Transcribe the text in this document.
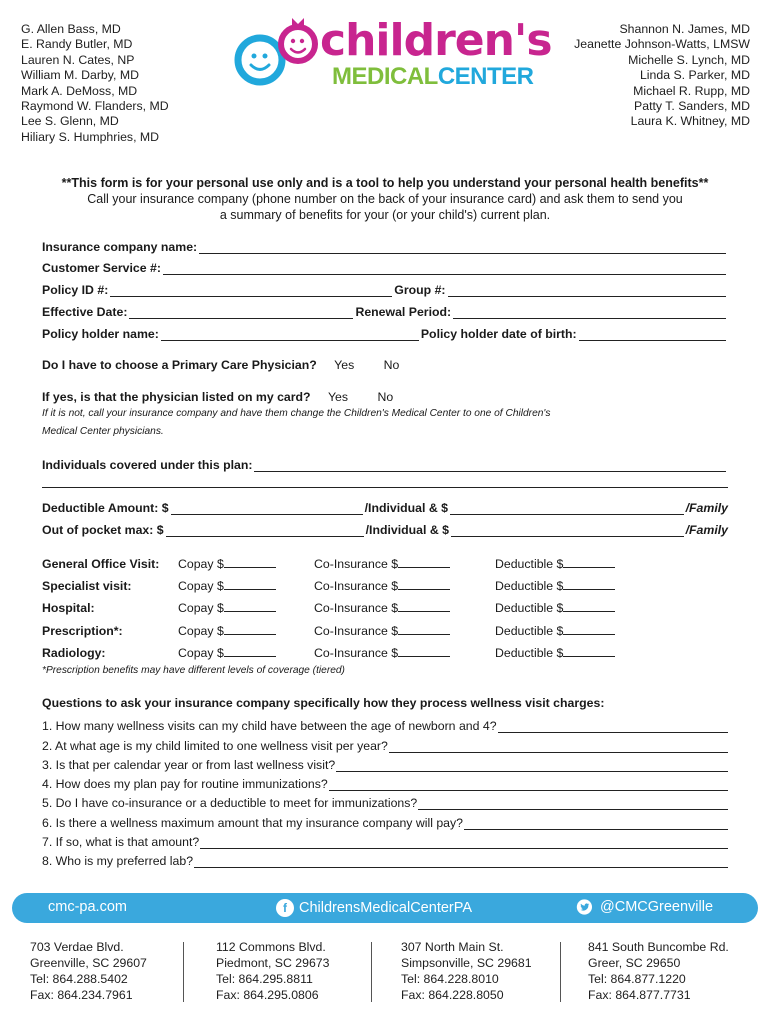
G. Allen Bass, MD
E. Randy Butler, MD
Lauren N. Cates, NP
William M. Darby, MD
Mark A. DeMoss, MD
Raymond W. Flanders, MD
Lee S. Glenn, MD
Hiliary S. Humphries, MD
Shannon N. James, MD
Jeanette Johnson-Watts, LMSW
Michelle S. Lynch, MD
Linda S. Parker, MD
Michael R. Rupp, MD
Patty T. Sanders, MD
Laura K. Whitney, MD
children's
MEDICALCENTER
**This form is for your personal use only and is a tool to help you understand your personal health benefits**
Call your insurance company (phone number on the back of your insurance card) and ask them to send you
a summary of benefits for your (or your child's) current plan.
Insurance company name:
Customer Service #:
Policy ID #:	Group #:
Effective Date:	Renewal Period:
Policy holder name:	Policy holder date of birth:
Do I have to choose a Primary Care Physician? Yes No
If yes, is that the physician listed on my card? Yes No
If it is not, call your insurance company and have them change the Children's Medical Center to one of Children's
Medical Center physicians.
Individuals covered under this plan:
Deductible Amount: $	/Individual & $	/Family
Out of pocket max: $	/Individual & $	/Family
General Office Visit:	Copay $	Co-Insurance $	Deductible $
Specialist visit:	Copay $	Co-Insurance $	Deductible $
Hospital:	Copay $	Co-Insurance $	Deductible $
Prescription*:	Copay $	Co-Insurance $	Deductible $
Radiology:	Copay $	Co-Insurance $	Deductible $
*Prescription benefits may have different levels of coverage (tiered)
Questions to ask your insurance company specifically how they process wellness visit charges:
1. How many wellness visits can my child have between the age of newborn and 4?
2. At what age is my child limited to one wellness visit per year?
3. Is that per calendar year or from last wellness visit?
4. How does my plan pay for routine immunizations?
5. Do I have co-insurance or a deductible to meet for immunizations?
6. Is there a wellness maximum amount that my insurance company will pay?
7. If so, what is that amount?
8. Who is my preferred lab?
cmc-pa.com	f ChildrensMedicalCenterPA	@CMCGreenville
703 Verdae Blvd.
Greenville, SC 29607
Tel: 864.288.5402
Fax: 864.234.7961
112 Commons Blvd.
Piedmont, SC 29673
Tel: 864.295.8811
Fax: 864.295.0806
307 North Main St.
Simpsonville, SC 29681
Tel: 864.228.8010
Fax: 864.228.8050
841 South Buncombe Rd.
Greer, SC 29650
Tel: 864.877.1220
Fax: 864.877.7731
